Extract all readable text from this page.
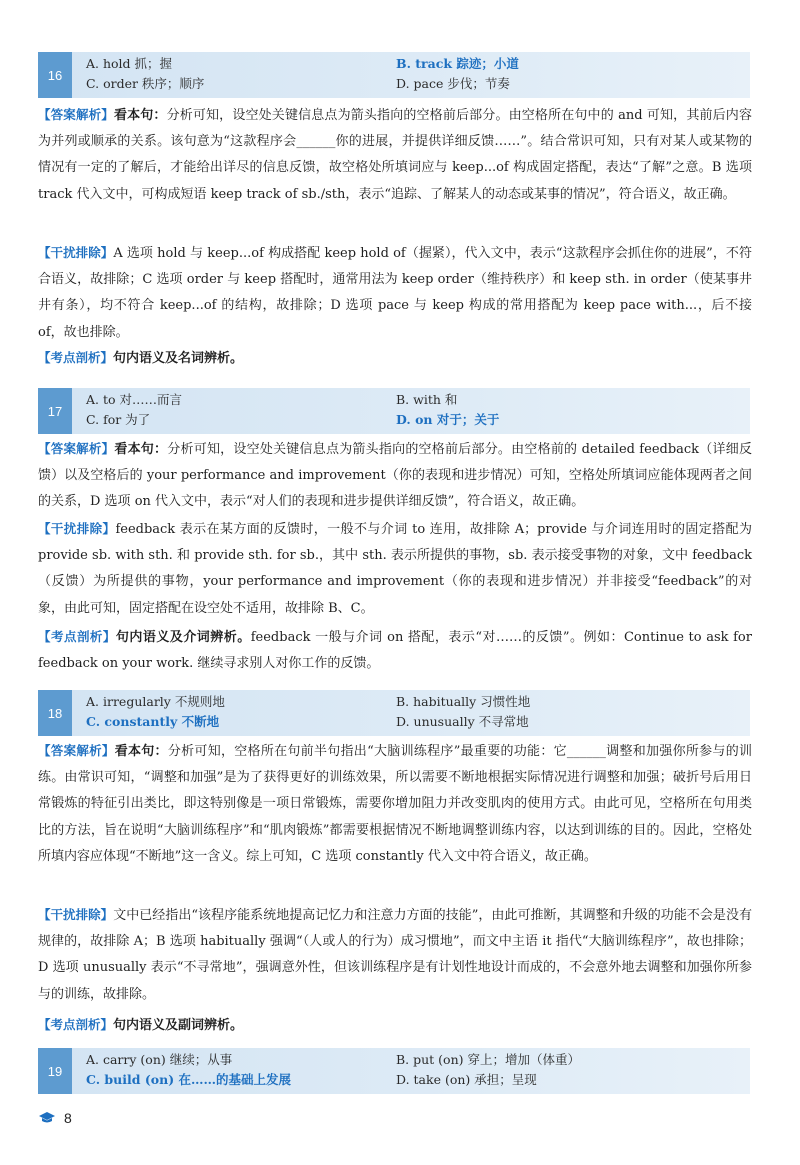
16
A. hold 抓；握	B. track 踪迹；小道
C. order 秩序；顺序	D. pace 步伐；节奏

【答案解析】看本句：分析可知，设空处关键信息点为箭头指向的空格前后部分。由空格所在句中的 and 可知，其前后内容为并列或顺承的关系。该句意为“这款程序会______你的进展，并提供详细反馈……”。结合常识可知，只有对某人或某物的情况有一定的了解后，才能给出详尽的信息反馈，故空格处所填词应与 keep...of 构成固定搭配，表达“了解”之意。B 选项 track 代入文中，可构成短语 keep track of sb./sth，表示“追踪、了解某人的动态或某事的情况”，符合语义，故正确。

【干扰排除】A 选项 hold 与 keep...of 构成搭配 keep hold of（握紧），代入文中，表示“这款程序会抓住你的进展”，不符合语义，故排除；C 选项 order 与 keep 搭配时，通常用法为 keep order（维持秩序）和 keep sth. in order（使某事井井有条），均不符合 keep...of 的结构，故排除；D 选项 pace 与 keep 构成的常用搭配为 keep pace with...，后不接 of，故也排除。

【考点剖析】句内语义及名词辨析。

17
A. to 对……而言	B. with 和
C. for 为了	D. on 对于；关于

【答案解析】看本句：分析可知，设空处关键信息点为箭头指向的空格前后部分。由空格前的 detailed feedback（详细反馈）以及空格后的 your performance and improvement（你的表现和进步情况）可知，空格处所填词应能体现两者之间的关系，D 选项 on 代入文中，表示“对人们的表现和进步提供详细反馈”，符合语义，故正确。

【干扰排除】feedback 表示在某方面的反馈时，一般不与介词 to 连用，故排除 A；provide 与介词连用时的固定搭配为 provide sb. with sth. 和 provide sth. for sb.，其中 sth. 表示所提供的事物，sb. 表示接受事物的对象，文中 feedback（反馈）为所提供的事物，your performance and improvement（你的表现和进步情况）并非接受“feedback”的对象，由此可知，固定搭配在设空处不适用，故排除 B、C。

【考点剖析】句内语义及介词辨析。feedback 一般与介词 on 搭配，表示“对……的反馈”。例如：Continue to ask for feedback on your work. 继续寻求别人对你工作的反馈。

18
A. irregularly 不规则地	B. habitually 习惯性地
C. constantly 不断地	D. unusually 不寻常地

【答案解析】看本句：分析可知，空格所在句前半句指出“大脑训练程序”最重要的功能：它______调整和加强你所参与的训练。由常识可知，“调整和加强”是为了获得更好的训练效果，所以需要不断地根据实际情况进行调整和加强；破折号后用日常锻炼的特征引出类比，即这特别像是一项日常锻炼，需要你增加阻力并改变肌肉的使用方式。由此可见，空格所在句用类比的方法，旨在说明“大脑训练程序”和“肌肉锻炼”都需要根据情况不断地调整训练内容，以达到训练的目的。因此，空格处所填内容应体现“不断地”这一含义。综上可知，C 选项 constantly 代入文中符合语义，故正确。

【干扰排除】文中已经指出“该程序能系统地提高记忆力和注意力方面的技能”，由此可推断，其调整和升级的功能不会是没有规律的，故排除 A；B 选项 habitually 强调“（人或人的行为）成习惯地”，而文中主语 it 指代“大脑训练程序”，故也排除；D 选项 unusually 表示“不寻常地”，强调意外性，但该训练程序是有计划性地设计而成的，不会意外地去调整和加强你所参与的训练，故排除。

【考点剖析】句内语义及副词辨析。

19
A. carry (on) 继续；从事	B. put (on) 穿上；增加（体重）
C. build (on) 在……的基础上发展	D. take (on) 承担；呈现
8
